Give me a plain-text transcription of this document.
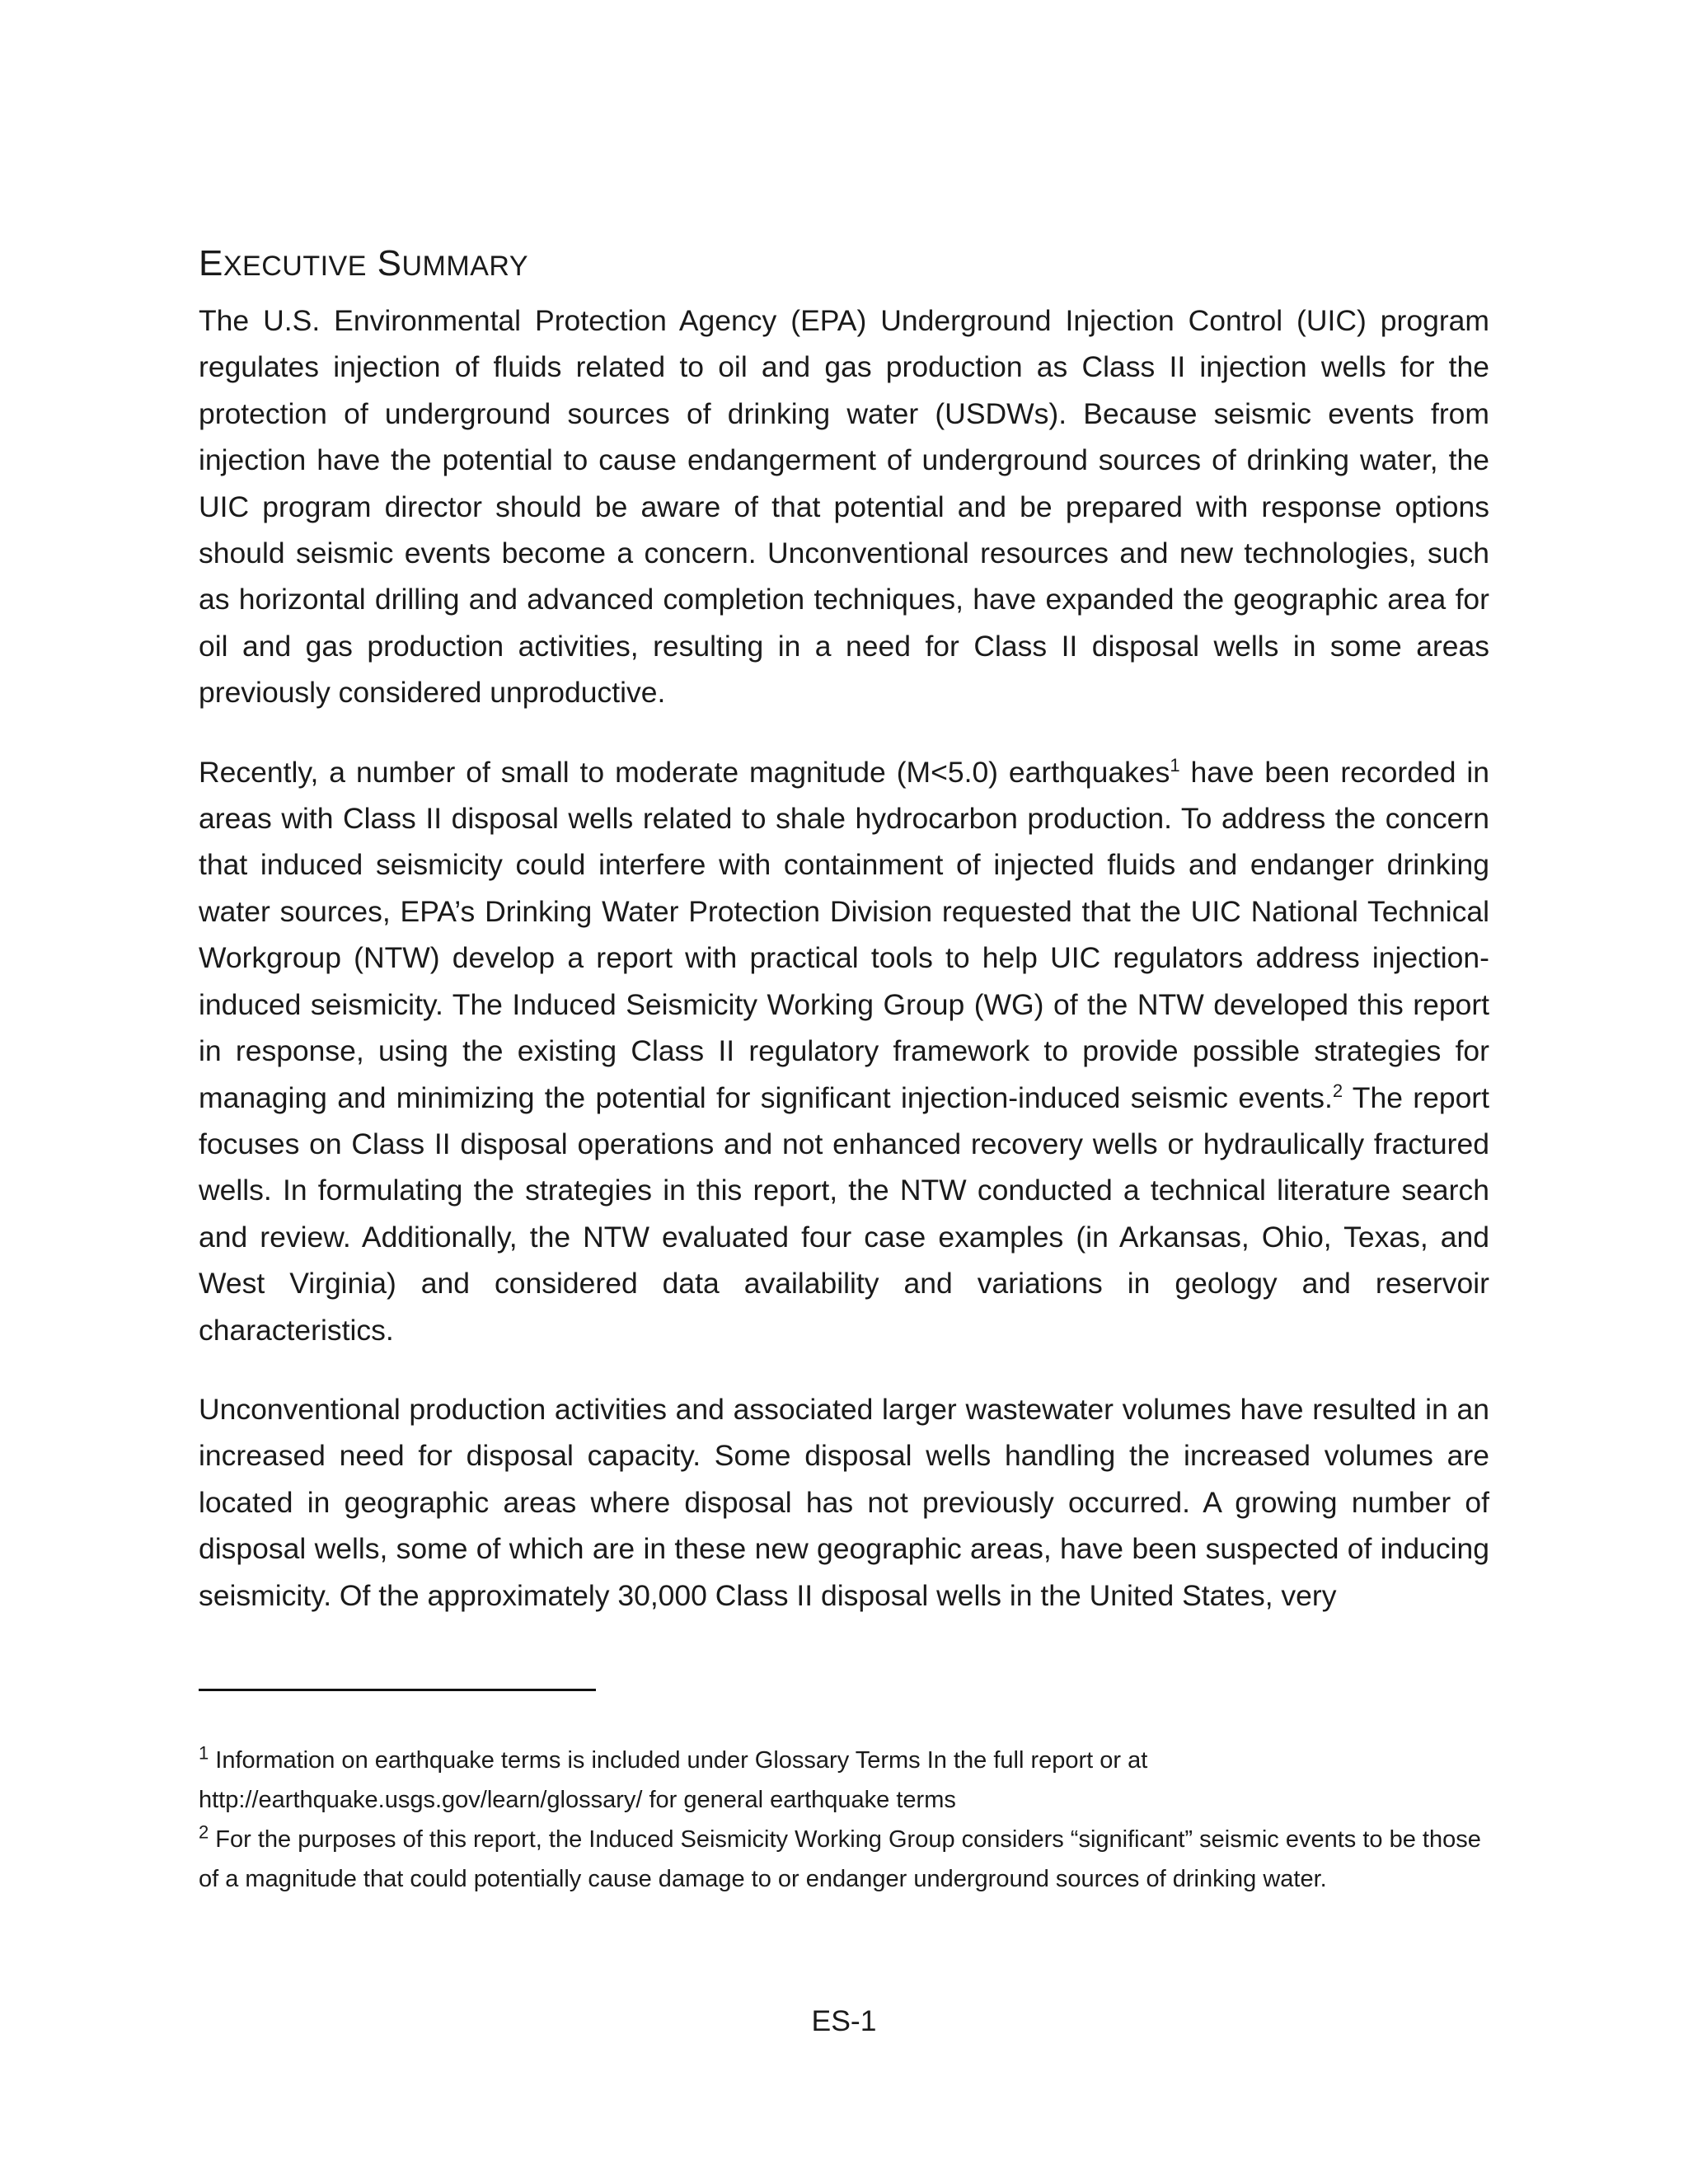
EXECUTIVE SUMMARY

The U.S. Environmental Protection Agency (EPA) Underground Injection Control (UIC) program regulates injection of fluids related to oil and gas production as Class II injection wells for the protection of underground sources of drinking water (USDWs). Because seismic events from injection have the potential to cause endangerment of underground sources of drinking water, the UIC program director should be aware of that potential and be prepared with response options should seismic events become a concern. Unconventional resources and new technologies, such as horizontal drilling and advanced completion techniques, have expanded the geographic area for oil and gas production activities, resulting in a need for Class II disposal wells in some areas previously considered unproductive.

Recently, a number of small to moderate magnitude (M<5.0) earthquakes$^1$ have been recorded in areas with Class II disposal wells related to shale hydrocarbon production. To address the concern that induced seismicity could interfere with containment of injected fluids and endanger drinking water sources, EPA’s Drinking Water Protection Division requested that the UIC National Technical Workgroup (NTW) develop a report with practical tools to help UIC regulators address injection-induced seismicity. The Induced Seismicity Working Group (WG) of the NTW developed this report in response, using the existing Class II regulatory framework to provide possible strategies for managing and minimizing the potential for significant injection-induced seismic events.$^2$ The report focuses on Class II disposal operations and not enhanced recovery wells or hydraulically fractured wells. In formulating the strategies in this report, the NTW conducted a technical literature search and review. Additionally, the NTW evaluated four case examples (in Arkansas, Ohio, Texas, and West Virginia) and considered data availability and variations in geology and reservoir characteristics.

Unconventional production activities and associated larger wastewater volumes have resulted in an increased need for disposal capacity. Some disposal wells handling the increased volumes are located in geographic areas where disposal has not previously occurred. A growing number of disposal wells, some of which are in these new geographic areas, have been suspected of inducing seismicity. Of the approximately 30,000 Class II disposal wells in the United States, very

$^1$ Information on earthquake terms is included under Glossary Terms In the full report or at
http://earthquake.usgs.gov/learn/glossary/ for general earthquake terms

$^2$ For the purposes of this report, the Induced Seismicity Working Group considers “significant” seismic events to be those of a magnitude that could potentially cause damage to or endanger underground sources of drinking water.

ES-1
